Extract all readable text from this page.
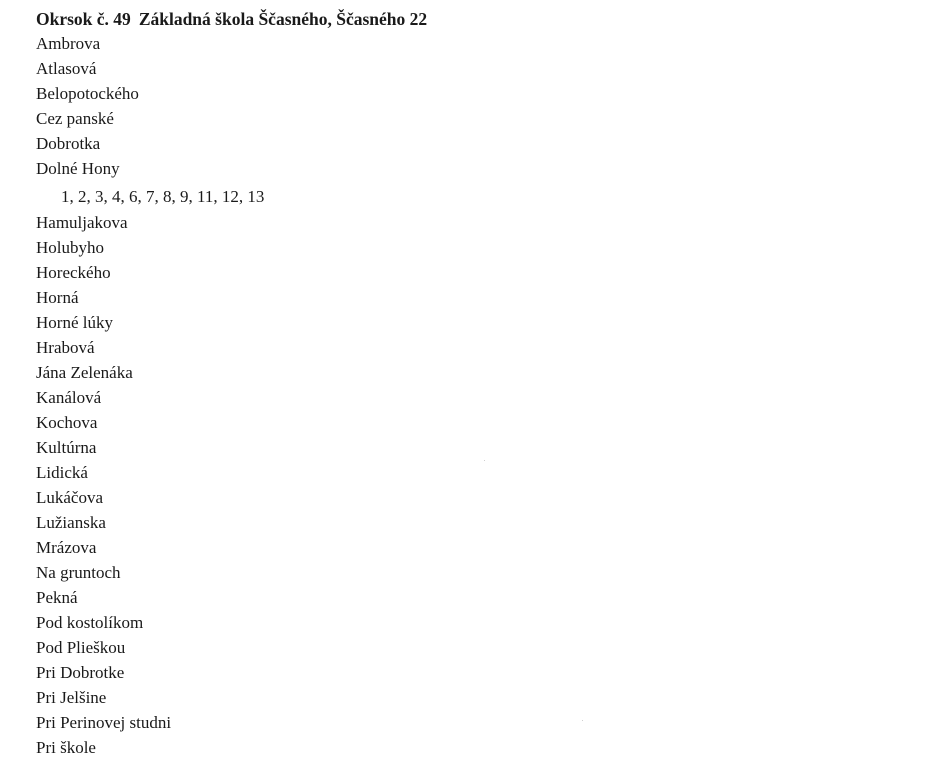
Okrsok č. 49 Základná škola Ščasného, Ščasného 22
Ambrova
Atlasová
Belopotockého
Cez panské
Dobrotka
Dolné Hony
1, 2, 3, 4, 6, 7, 8, 9, 11, 12, 13
Hamuljakova
Holubyho
Horeckého
Horná
Horné lúky
Hrabová
Jána Zelenáka
Kanálová
Kochova
Kultúrna
Lidická
Lukáčova
Lužianska
Mrázova
Na gruntoch
Pekná
Pod kostolíkom
Pod Plieškou
Pri Dobrotke
Pri Jelšine
Pri Perinovej studni
Pri škole
